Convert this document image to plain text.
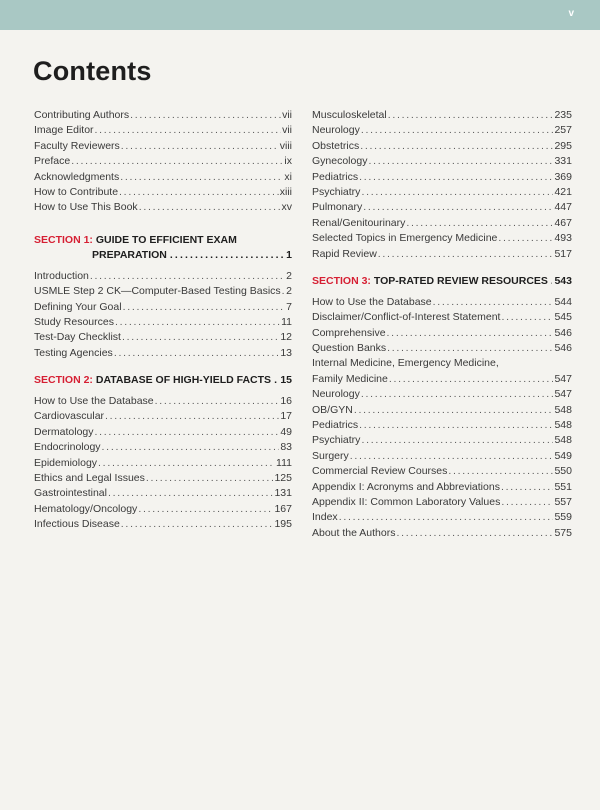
v
Contents
Contributing Authors . . .	vii
Image Editor . . .	vii
Faculty Reviewers . . .	viii
Preface . . .	ix
Acknowledgments . . .	xi
How to Contribute . . .	xiii
How to Use This Book . . .	xv
SECTION 1: GUIDE TO EFFICIENT EXAM
PREPARATION . . .	1
Introduction . . .	2
USMLE Step 2 CK—Computer-Based Testing Basics . . . 2
Defining Your Goal . . .	7
Study Resources . . .	11
Test-Day Checklist . . .	12
Testing Agencies . . .	13
SECTION 2:
DATABASE OF HIGH-YIELD FACTS . . . 15
How to Use the Database . . .	16
Cardiovascular . . .	17
Dermatology . . .	49
Endocrinology . . .	83
Epidemiology . . .	111
Ethics and Legal Issues . . .	125
Gastrointestinal . . .	131
Hematology/Oncology . . .	167
Infectious Disease . . .	195
Musculoskeletal . . .	235
Neurology . . .	257
Obstetrics . . .	295
Gynecology . . .	331
Pediatrics . . .	369
Psychiatry . . .	421
Pulmonary . . .	447
Renal/Genitourinary . . .	467
Selected Topics in Emergency Medicine . . .	493
Rapid Review . . .	517
SECTION 3:
TOP-RATED REVIEW RESOURCES . . . 543
How to Use the Database . . .	544
Disclaimer/Conflict-of-Interest Statement . . .	545
Comprehensive . . .	546
Question Banks . . .	546
Internal Medicine, Emergency Medicine,
Family Medicine . . .	547
Neurology . . .	547
OB/GYN . . .	548
Pediatrics . . .	548
Psychiatry . . .	548
Surgery . . .	549
Commercial Review Courses . . .	550
Appendix I: Acronyms and Abbreviations . . .	551
Appendix II: Common Laboratory Values . . .	557
Index . . .	559
About the Authors . . .	575
